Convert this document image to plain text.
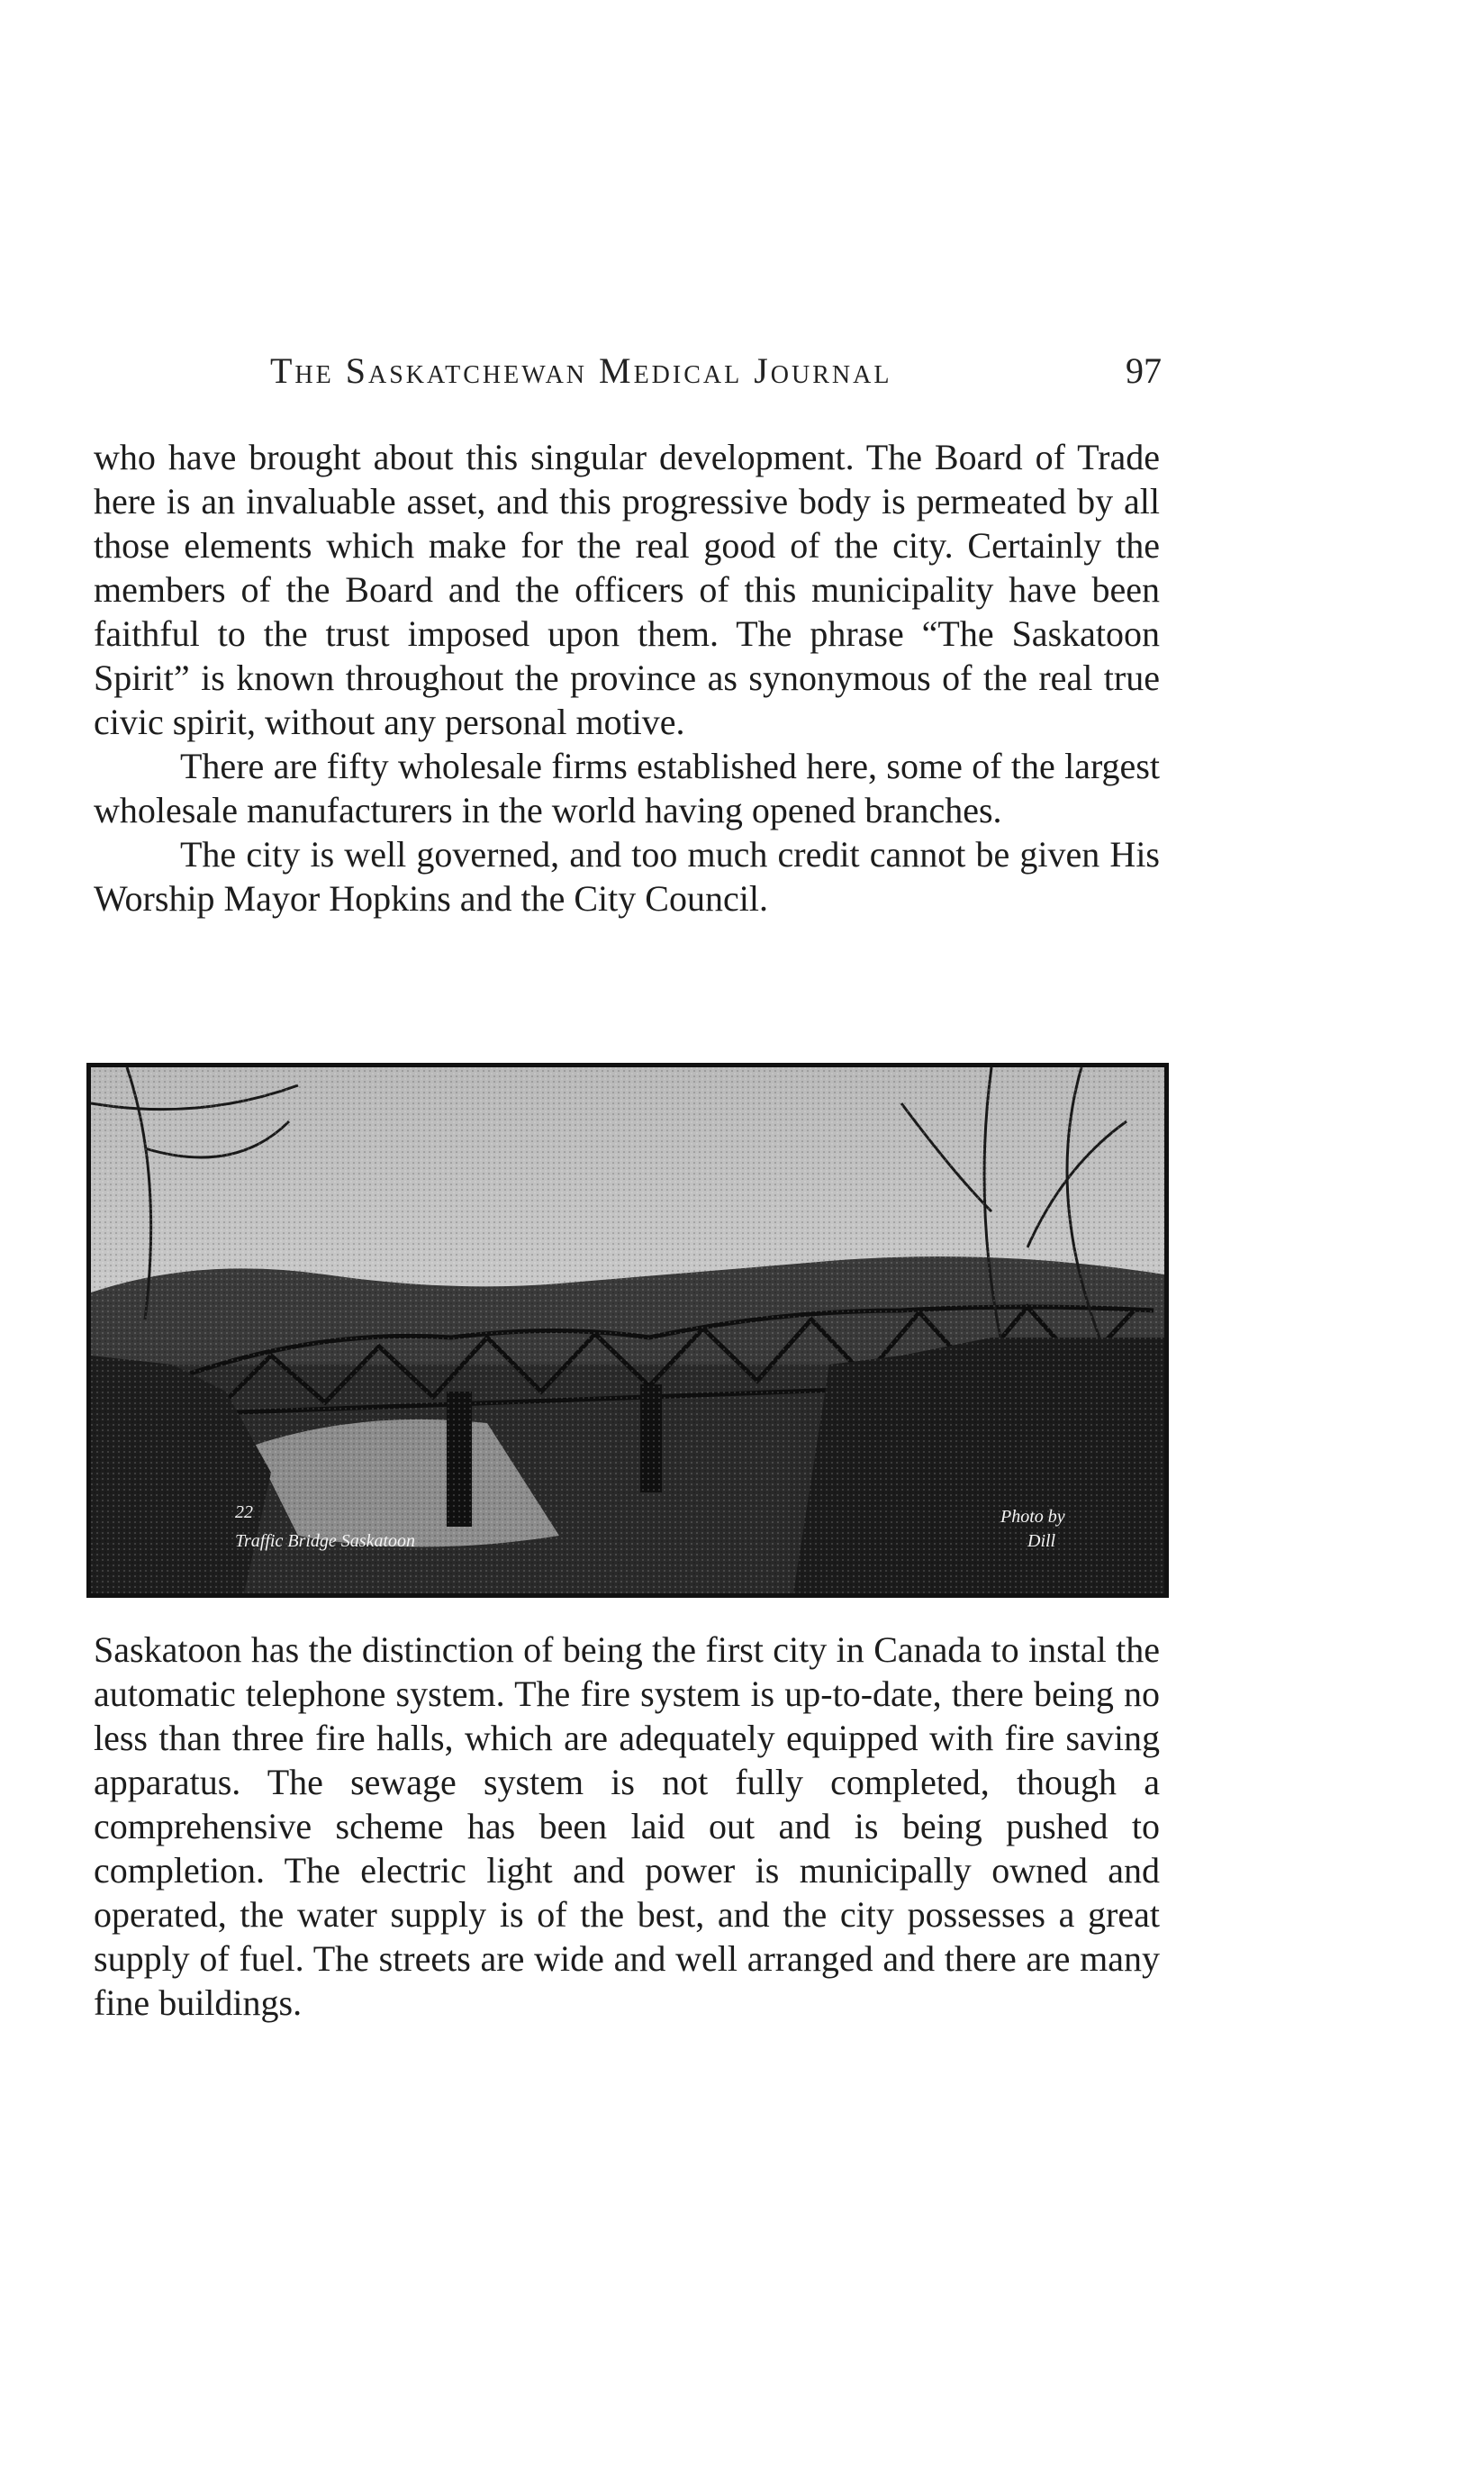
The Saskatchewan Medical Journal	97

who have brought about this singular development. The Board of Trade here is an invaluable asset, and this progressive body is permeated by all those elements which make for the real good of the city. Certainly the members of the Board and the officers of this municipality have been faithful to the trust imposed upon them. The phrase “The Saskatoon Spirit” is known throughout the province as synonymous of the real true civic spirit, without any personal motive.

There are fifty wholesale firms established here, some of the largest wholesale manufacturers in the world having opened branches.

The city is well governed, and too much credit cannot be given His Worship Mayor Hopkins and the City Council.

22
Traffic Bridge Saskatoon
Photo by
Dill

Saskatoon has the distinction of being the first city in Canada to instal the automatic telephone system. The fire system is up-to-date, there being no less than three fire halls, which are adequately equipped with fire saving apparatus. The sewage system is not fully completed, though a comprehensive scheme has been laid out and is being pushed to completion. The electric light and power is municipally owned and operated, the water supply is of the best, and the city possesses a great supply of fuel. The streets are wide and well arranged and there are many fine buildings.
